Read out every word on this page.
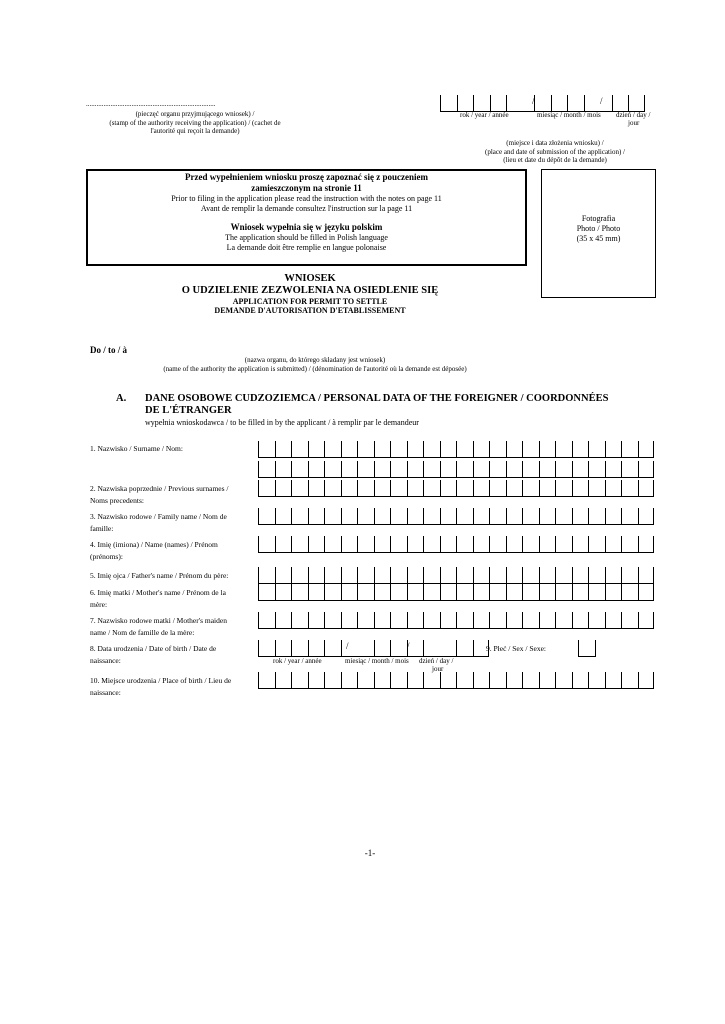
..........................................................................
(pieczęć organu przyjmującego wniosek) /
(stamp of the authority receiving the application) / (cachet de
l'autorité qui reçoit la demande)
/	/
rok / year / année	miesiąc / month / mois dzień / day /
jour
(miejsce i data złożenia wniosku) /
(place and date of submission of the application) /
(lieu et date du dépôt de la demande)
Przed wypełnieniem wniosku proszę zapoznać się z pouczeniem
zamieszczonym na stronie 11
Prior to filing in the application please read the instruction with the notes on page 11
Avant de remplir la demande consultez l'instruction sur la page 11
Wniosek wypełnia się w języku polskim
The application should be filled in Polish language
La demande doit être remplie en langue polonaise
Fotografia
Photo / Photo
(35 x 45 mm)
WNIOSEK
O UDZIELENIE ZEZWOLENIA NA OSIEDLENIE SIĘ
APPLICATION FOR PERMIT TO SETTLE
DEMANDE D'AUTORISATION D'ETABLISSEMENT
Do / to / à
(nazwa organu, do którego składany jest wniosek)
(name of the authority the application is submitted) / (dénomination de l'autorité où la demande est déposée)
A. DANE OSOBOWE CUDZOZIEMCA / PERSONAL DATA OF THE FOREIGNER / COORDONNÉES
DE L'ÉTRANGER
wypełnia wnioskodawca / to be filled in by the applicant / à remplir par le demandeur
1. Nazwisko / Surname / Nom:
2. Nazwiska poprzednie / Previous surnames /
Noms precedents:
3. Nazwisko rodowe / Family name / Nom de
famille:
4. Imię (imiona) / Name (names) / Prénom
(prénoms):
5. Imię ojca / Father's name / Prénom du père:
6. Imię matki / Mother's name / Prénom de la
mère:
7. Nazwisko rodowe matki / Mother's maiden
name / Nom de famille de la mère:
8. Data urodzenia / Date of birth / Date de
naissance:
/	/
rok / year / année	miesiąc / month / mois dzień / day /
jour
9. Płeć / Sex / Sexe:
10. Miejsce urodzenia / Place of birth / Lieu de
naissance:
-1-
